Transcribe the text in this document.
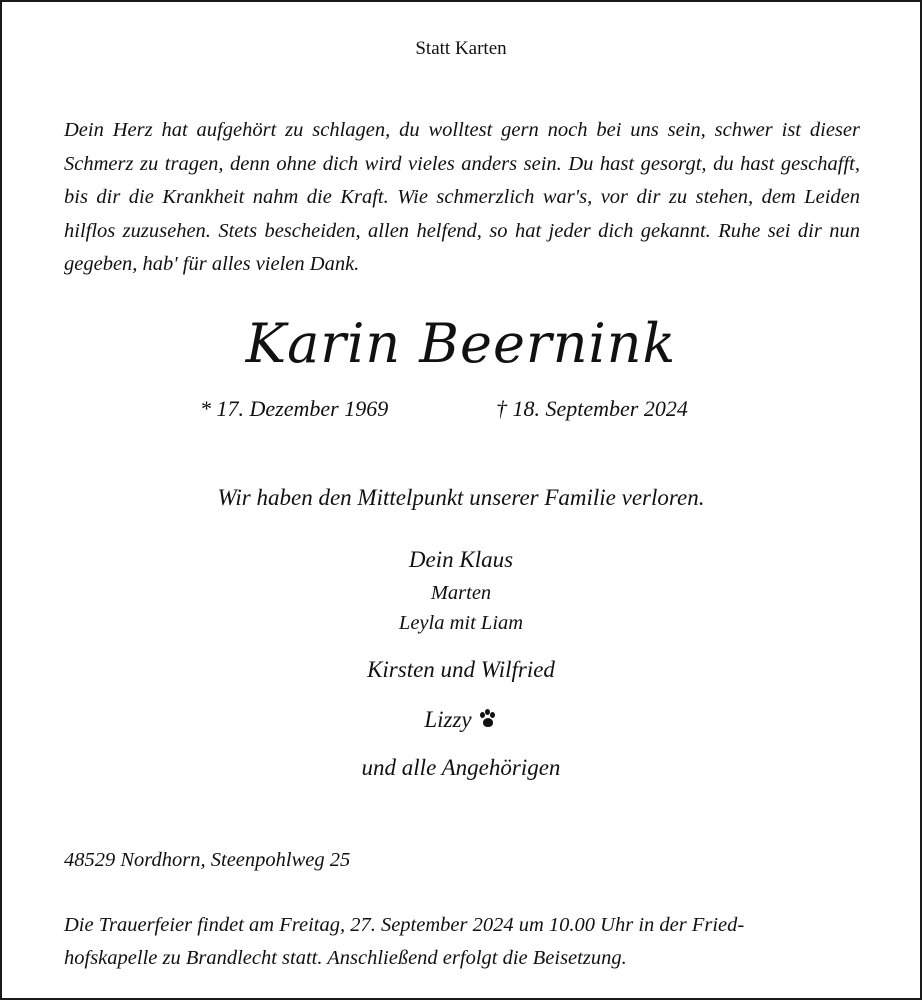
Statt Karten
Dein Herz hat aufgehört zu schlagen, du wolltest gern noch bei uns sein, schwer ist dieser Schmerz zu tragen, denn ohne dich wird vieles anders sein. Du hast gesorgt, du hast geschafft, bis dir die Krankheit nahm die Kraft. Wie schmerzlich war's, vor dir zu stehen, dem Leiden hilflos zuzusehen. Stets bescheiden, allen helfend, so hat jeder dich gekannt. Ruhe sei dir nun gegeben, hab' für alles vielen Dank.
Karin Beernink
* 17. Dezember 1969	† 18. September 2024
Wir haben den Mittelpunkt unserer Familie verloren.
Dein Klaus
Marten
Leyla mit Liam
Kirsten und Wilfried
Lizzy
und alle Angehörigen
48529 Nordhorn, Steenpohlweg 25
Die Trauerfeier findet am Freitag, 27. September 2024 um 10.00 Uhr in der Fried-
hofskapelle zu Brandlecht statt. Anschließend erfolgt die Beisetzung.
